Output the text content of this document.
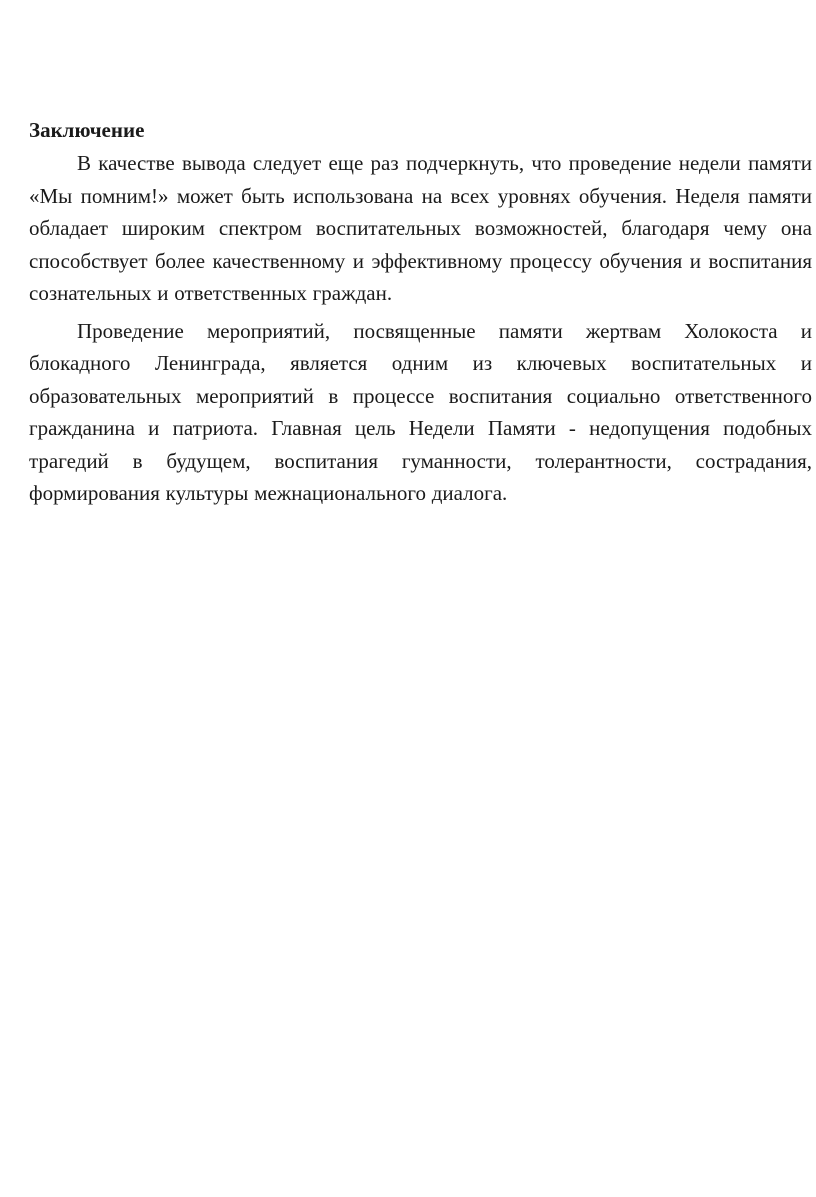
Заключение

В качестве вывода следует еще раз подчеркнуть, что проведение недели памяти «Мы помним!» может быть использована на всех уровнях обучения. Неделя памяти обладает широким спектром воспитательных возможностей, благодаря чему она способствует более качественному и эффективному процессу обучения и воспитания сознательных и ответственных граждан.

Проведение мероприятий, посвященные памяти жертвам Холокоста и блокадного Ленинграда, является одним из ключевых воспитательных и образовательных мероприятий в процессе воспитания социально ответственного гражданина и патриота. Главная цель Недели Памяти - недопущения подобных трагедий в будущем, воспитания гуманности, толерантности, сострадания, формирования культуры межнационального диалога.
